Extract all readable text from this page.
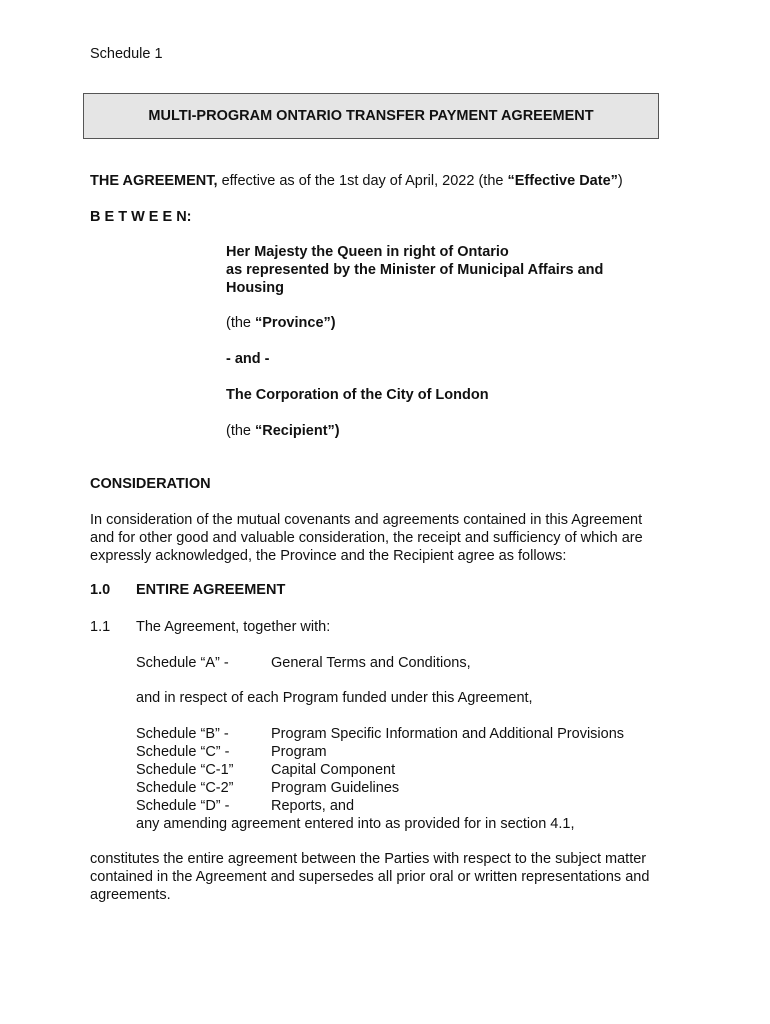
Schedule 1
MULTI-PROGRAM ONTARIO TRANSFER PAYMENT AGREEMENT
THE AGREEMENT, effective as of the 1st day of April, 2022 (the “Effective Date”)
B E T W E E N:

Her Majesty the Queen in right of Ontario

as represented by the Minister of Municipal Affairs and

Housing

(the “Province”)
- and -
The Corporation of the City of London
(the “Recipient”)
CONSIDERATION

In consideration of the mutual covenants and agreements contained in this Agreement

and for other good and valuable consideration, the receipt and sufficiency of which are

expressly acknowledged, the Province and the Recipient agree as follows:

1.0 ENTIRE AGREEMENT
1.1 The Agreement, together with:
Schedule “A” -	General Terms and Conditions,
and in respect of each Program funded under this Agreement,
Schedule “B” -	Program Specific Information and Additional Provisions
Schedule “C” -	Program
Schedule “C-1”	Capital Component
Schedule “C-2”	Program Guidelines
Schedule “D” -	Reports, and
any amending agreement entered into as provided for in section 4.1,

constitutes the entire agreement between the Parties with respect to the subject matter

contained in the Agreement and supersedes all prior oral or written representations and

agreements.
